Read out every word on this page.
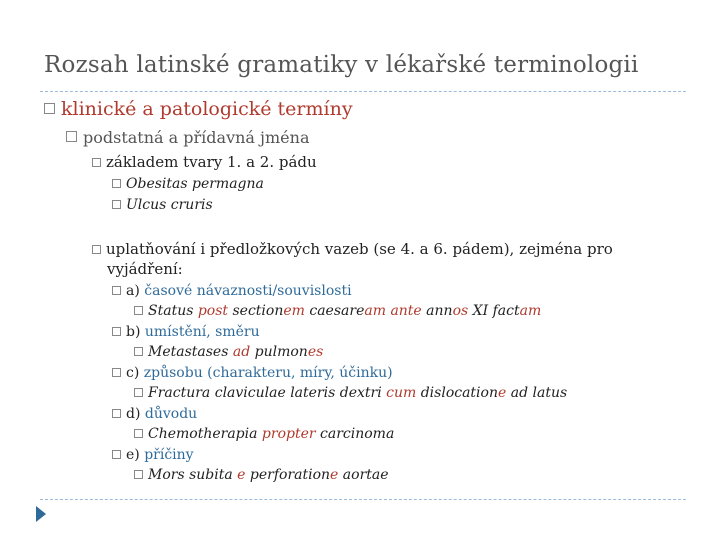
Rozsah latinské gramatiky v lékařské terminologii
klinické a patologické termíny
podstatná a přídavná jména
základem tvary 1. a 2. pádu
Obesitas permagna
Ulcus cruris
uplatňování i předložkových vazeb (se 4. a 6. pádem), zejména pro
vyjádření:
a) časové návaznosti/souvislosti
Status post sectionem caesaream ante annos XI factam
b) umístění, směru
Metastases ad pulmones
c) způsobu (charakteru, míry, účinku)
Fractura claviculae lateris dextri cum dislocatione ad latus
d) důvodu
Chemotherapia propter carcinoma
e) příčiny
Mors subita e perforatione aortae
